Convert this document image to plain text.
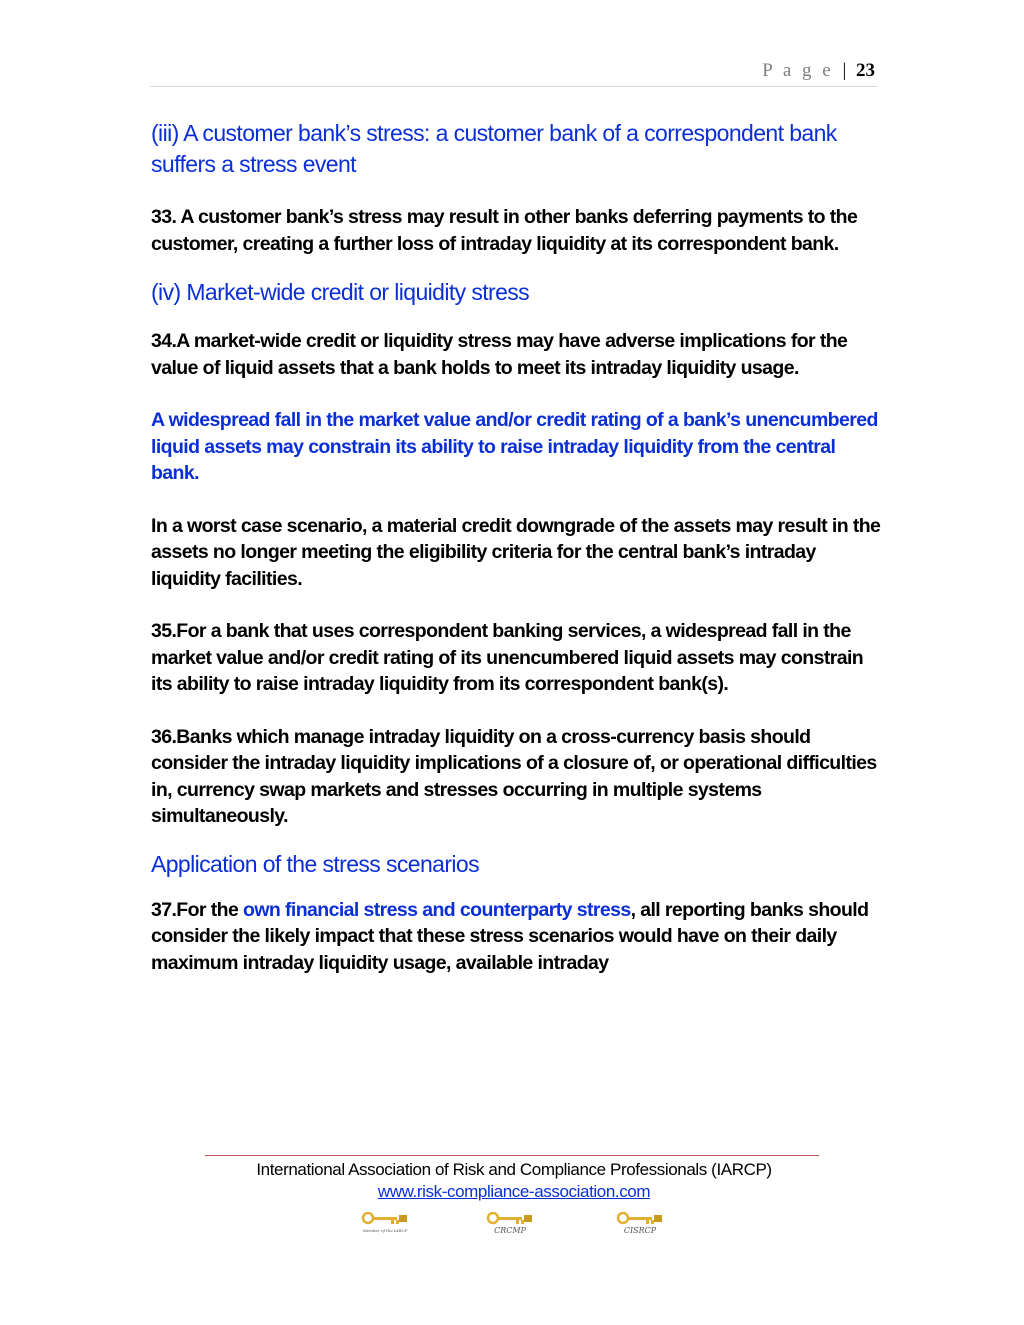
P a g e | 23
(iii) A customer bank’s stress: a customer bank of a correspondent bank suffers a stress event

33. A customer bank’s stress may result in other banks deferring payments to the customer, creating a further loss of intraday liquidity at its correspondent bank.

(iv) Market-wide credit or liquidity stress

34.A market-wide credit or liquidity stress may have adverse implications for the value of liquid assets that a bank holds to meet its intraday liquidity usage.

A widespread fall in the market value and/or credit rating of a bank’s unencumbered liquid assets may constrain its ability to raise intraday liquidity from the central bank.

In a worst case scenario, a material credit downgrade of the assets may result in the assets no longer meeting the eligibility criteria for the central bank’s intraday liquidity facilities.

35.For a bank that uses correspondent banking services, a widespread fall in the market value and/or credit rating of its unencumbered liquid assets may constrain its ability to raise intraday liquidity from its correspondent bank(s).

36.Banks which manage intraday liquidity on a cross-currency basis should consider the intraday liquidity implications of a closure of, or operational difficulties in, currency swap markets and stresses occurring in multiple systems simultaneously.

Application of the stress scenarios

37.For the own financial stress and counterparty stress, all reporting banks should consider the likely impact that these stress scenarios would have on their daily maximum intraday liquidity usage, available intraday

International Association of Risk and Compliance Professionals (IARCP)
www.risk-compliance-association.com
Member of the IARCP	CRCMP	CISRCP
